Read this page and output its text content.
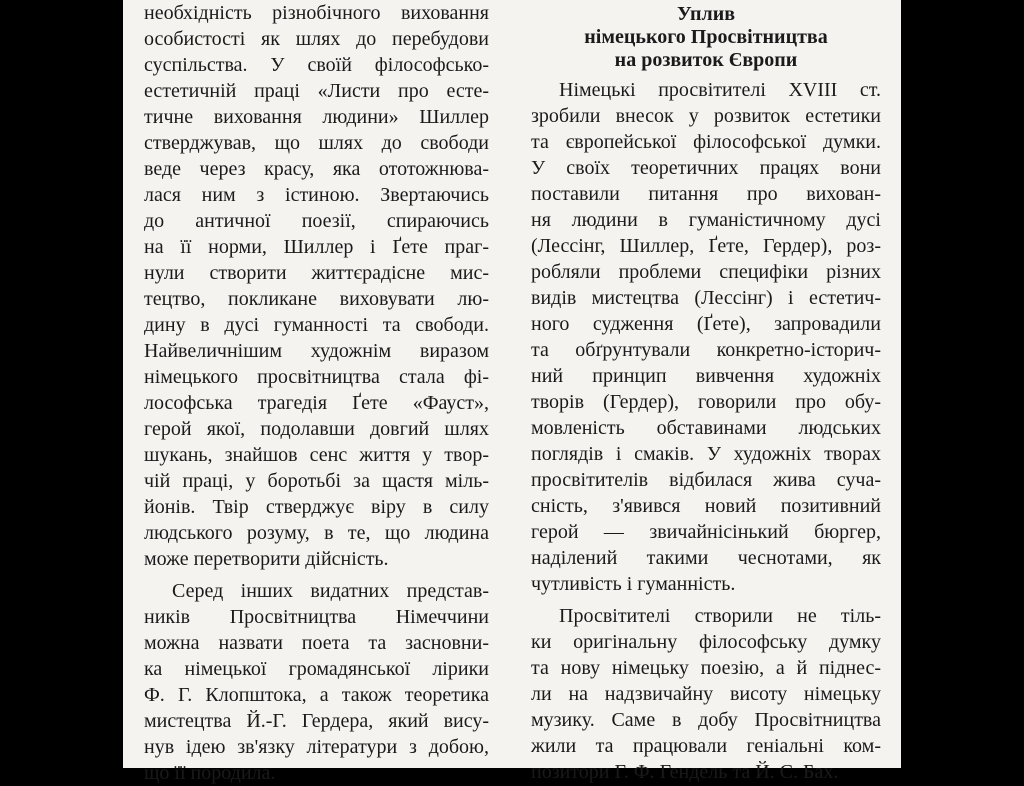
необхідність різнобічного виховання
особистості як шлях до перебудови
суспільства. У своїй філософсько-
естетичній праці «Листи про есте-
тичне виховання людини» Шиллер
стверджував, що шлях до свободи
веде через красу, яка ототожнюва-
лася ним з істиною. Звертаючись
до античної поезії, спираючись
на її норми, Шиллер і Ґете праг-
нули створити життєрадісне мис-
тецтво, покликане виховувати лю-
дину в дусі гуманності та свободи.
Найвеличнішим художнім виразом
німецького просвітництва стала фі-
лософська трагедія Ґете «Фауст»,
герой якої, подолавши довгий шлях
шукань, знайшов сенс життя у твор-
чій праці, у боротьбі за щастя міль-
йонів. Твір стверджує віру в силу
людського розуму, в те, що людина
може перетворити дійсність.
Серед інших видатних представ-
ників Просвітництва Німеччини
можна назвати поета та засновни-
ка німецької громадянської лірики
Ф. Г. Клопштока, а також теоретика
мистецтва Й.-Г. Гердера, який вису-
нув ідею зв'язку літератури з добою,
що її породила.
Уплив
німецького Просвітництва
на розвиток Європи
Німецькі просвітителі XVIII ст.
зробили внесок у розвиток естетики
та європейської філософської думки.
У своїх теоретичних працях вони
поставили питання про вихован-
ня людини в гуманістичному дусі
(Лессінг, Шиллер, Ґете, Гердер), роз-
робляли проблеми специфіки різних
видів мистецтва (Лессінг) і естетич-
ного судження (Ґете), запровадили
та обґрунтували конкретно-історич-
ний принцип вивчення художніх
творів (Гердер), говорили про обу-
мовленість обставинами людських
поглядів і смаків. У художніх творах
просвітителів відбилася жива суча-
сність, з'явився новий позитивний
герой — звичайнісінький бюргер,
наділений такими чеснотами, як
чутливість і гуманність.
Просвітителі створили не тіль-
ки оригінальну філософську думку
та нову німецьку поезію, а й піднес-
ли на надзвичайну висоту німецьку
музику. Саме в добу Просвітництва
жили та працювали геніальні ком-
позитори Г. Ф. Гендель та Й. С. Бах.
